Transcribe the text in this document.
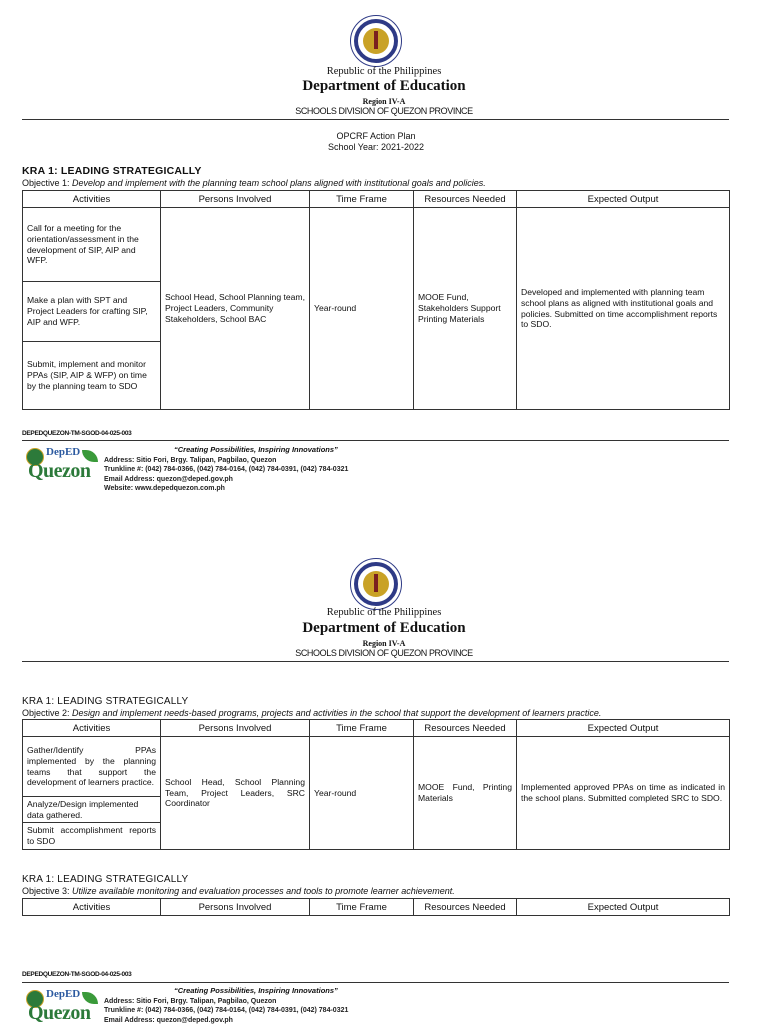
Republic of the Philippines
Department of Education
Region IV-A
SCHOOLS DIVISION OF QUEZON PROVINCE
OPCRF Action Plan
School Year: 2021-2022
KRA 1: LEADING STRATEGICALLY
Objective 1: Develop and implement with the planning team school plans aligned with institutional goals and policies.
Activities	Persons Involved	Time Frame	Resources Needed	Expected Output
Call for a meeting for the orientation/assessment in the development of SIP, AIP and WFP.	School Head, School Planning team, Project Leaders, Community Stakeholders, School BAC	Year-round	MOOE Fund, Stakeholders Support Printing Materials	Developed and implemented with planning team school plans as aligned with institutional goals and policies. Submitted on time accomplishment reports to SDO.
Make a plan with SPT and Project Leaders for crafting SIP, AIP and WFP.				
Submit, implement and monitor PPAs (SIP, AIP & WFP) on time by the planning team to SDO				
DEPEDQUEZON-TM-SGOD-04-025-003
DepED
Quezon
“Creating Possibilities, Inspiring Innovations”
Address: Sitio Fori, Brgy. Talipan, Pagbilao, Quezon
Trunkline #: (042) 784-0366, (042) 784-0164, (042) 784-0391, (042) 784-0321
Email Address: quezon@deped.gov.ph
Website: www.depedquezon.com.ph
Republic of the Philippines
Department of Education
Region IV-A
SCHOOLS DIVISION OF QUEZON PROVINCE
KRA 1: LEADING STRATEGICALLY
Objective 2: Design and implement needs-based programs, projects and activities in the school that support the development of learners practice.
Activities	Persons Involved	Time Frame	Resources Needed	Expected Output
Gather/Identify PPAs implemented by the planning teams that support the development of learners practice.	School Head, School Planning Team, Project Leaders, SRC Coordinator	Year-round	MOOE Fund, Printing Materials	Implemented approved PPAs on time as indicated in the school plans. Submitted completed SRC to SDO.
Analyze/Design implemented data gathered.				
Submit accomplishment reports to SDO				
KRA 1: LEADING STRATEGICALLY
Objective 3: Utilize available monitoring and evaluation processes and tools to promote learner achievement.
Activities	Persons Involved	Time Frame	Resources Needed	Expected Output
DEPEDQUEZON-TM-SGOD-04-025-003
DepED
Quezon
“Creating Possibilities, Inspiring Innovations”
Address: Sitio Fori, Brgy. Talipan, Pagbilao, Quezon
Trunkline #: (042) 784-0366, (042) 784-0164, (042) 784-0391, (042) 784-0321
Email Address: quezon@deped.gov.ph
